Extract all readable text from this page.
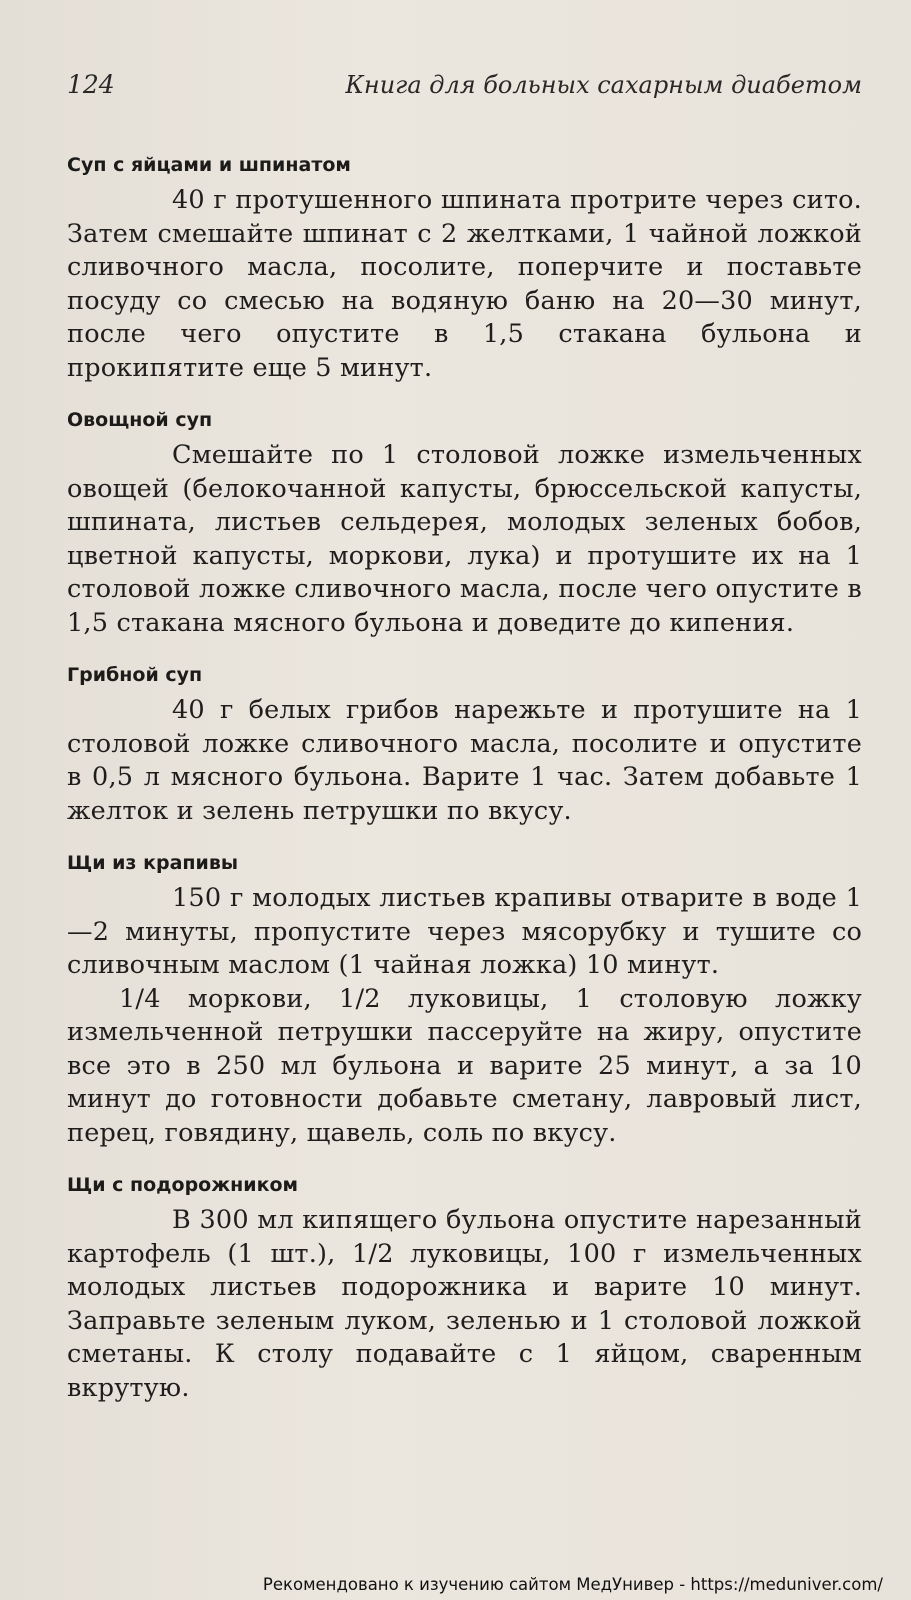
124	Книга для больных сахарным диабетом
Суп с яйцами и шпинатом

40 г протушенного шпината протрите через сито. Затем смешайте шпинат с 2 желтками, 1 чайной ложкой сливочного масла, посолите, поперчите и поставьте посуду со смесью на водяную баню на 20—30 минут, после чего опустите в 1,5 стакана бульона и прокипятите еще 5 минут.

Овощной суп

Смешайте по 1 столовой ложке измельченных овощей (белокочанной капусты, брюссельской капусты, шпината, листьев сельдерея, молодых зеленых бобов, цветной капусты, моркови, лука) и протушите их на 1 столовой ложке сливочного масла, после чего опустите в 1,5 стакана мясного бульона и доведите до кипения.

Грибной суп

40 г белых грибов нарежьте и протушите на 1 столовой ложке сливочного масла, посолите и опустите в 0,5 л мясного бульона. Варите 1 час. Затем добавьте 1 желток и зелень петрушки по вкусу.

Щи из крапивы

150 г молодых листьев крапивы отварите в воде 1—2 минуты, пропустите через мясорубку и тушите со сливочным маслом (1 чайная ложка) 10 минут.

1/4 моркови, 1/2 луковицы, 1 столовую ложку измельченной петрушки пассеруйте на жиру, опустите все это в 250 мл бульона и варите 25 минут, а за 10 минут до готовности добавьте сметану, лавровый лист, перец, говядину, щавель, соль по вкусу.

Щи с подорожником

В 300 мл кипящего бульона опустите нарезанный картофель (1 шт.), 1/2 луковицы, 100 г измельченных молодых листьев подорожника и варите 10 минут. Заправьте зеленым луком, зеленью и 1 столовой ложкой сметаны. К столу подавайте с 1 яйцом, сваренным вкрутую.

Рекомендовано к изучению сайтом МедУнивер - https://meduniver.com/
